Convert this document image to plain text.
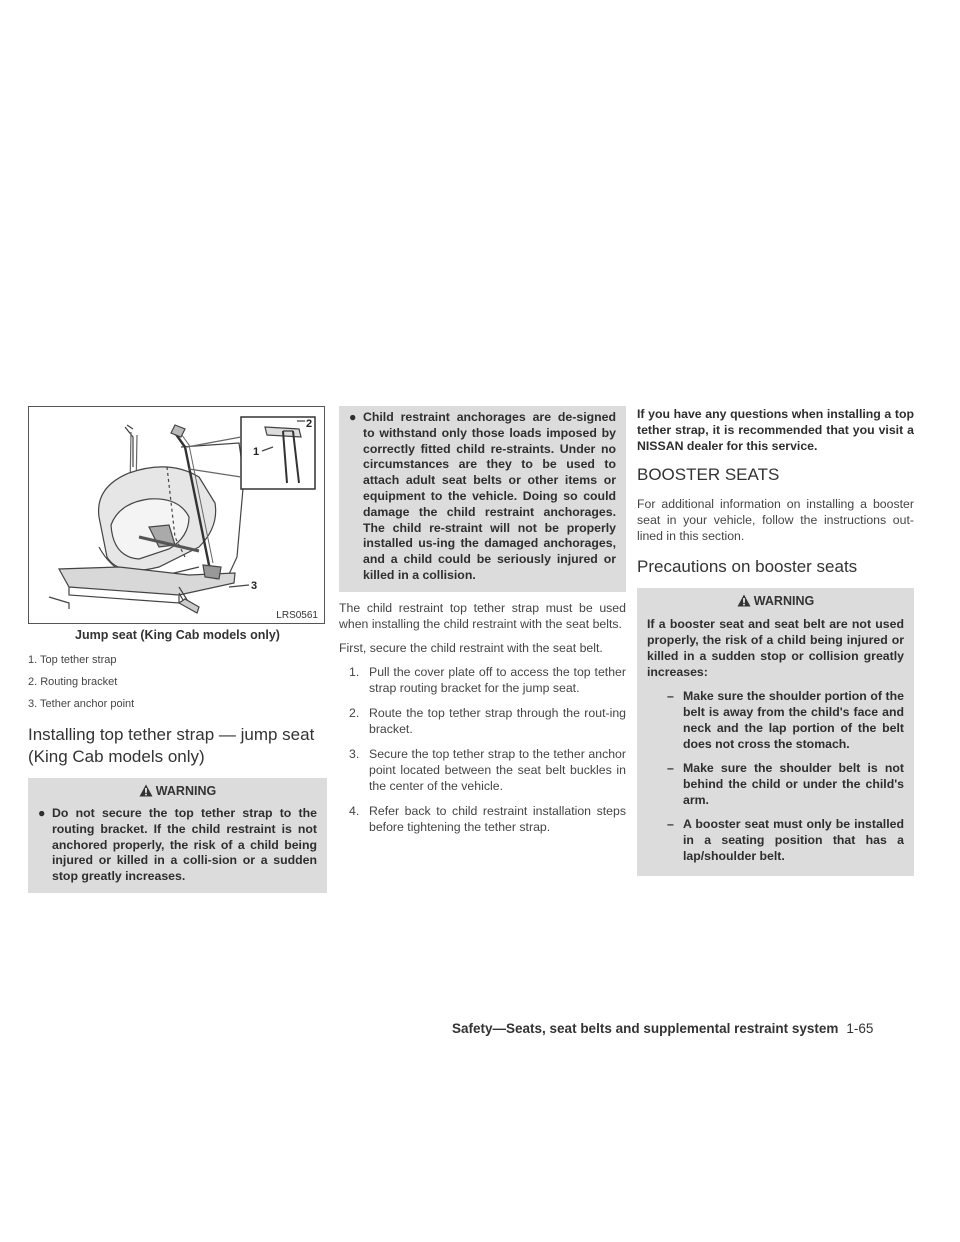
1
2
3
LRS0561
Jump seat (King Cab models only)
1. Top tether strap
2. Routing bracket
3. Tether anchor point
Installing top tether strap — jump seat (King Cab models only)
WARNING
● Do not secure the top tether strap to the routing bracket. If the child restraint is not anchored properly, the risk of a child being injured or killed in a colli-sion or a sudden stop greatly increases.
● Child restraint anchorages are de-signed to withstand only those loads imposed by correctly fitted child re-straints. Under no circumstances are they to be used to attach adult seat belts or other items or equipment to the vehicle. Doing so could damage the child restraint anchorages. The child re-straint will not be properly installed us-ing the damaged anchorages, and a child could be seriously injured or killed in a collision.

The child restraint top tether strap must be used when installing the child restraint with the seat belts.

First, secure the child restraint with the seat belt.

1. Pull the cover plate off to access the top tether strap routing bracket for the jump seat.
2. Route the top tether strap through the rout-ing bracket.
3. Secure the top tether strap to the tether anchor point located between the seat belt buckles in the center of the vehicle.
4. Refer back to child restraint installation steps before tightening the tether strap.

If you have any questions when installing a top tether strap, it is recommended that you visit a NISSAN dealer for this service.

BOOSTER SEATS

For additional information on installing a booster seat in your vehicle, follow the instructions out-lined in this section.

Precautions on booster seats
WARNING
If a booster seat and seat belt are not used properly, the risk of a child being injured or killed in a sudden stop or collision greatly increases:
– Make sure the shoulder portion of the belt is away from the child's face and neck and the lap portion of the belt does not cross the stomach.
– Make sure the shoulder belt is not behind the child or under the child's arm.
– A booster seat must only be installed in a seating position that has a lap/shoulder belt.
Safety—Seats, seat belts and supplemental restraint system 1-65
